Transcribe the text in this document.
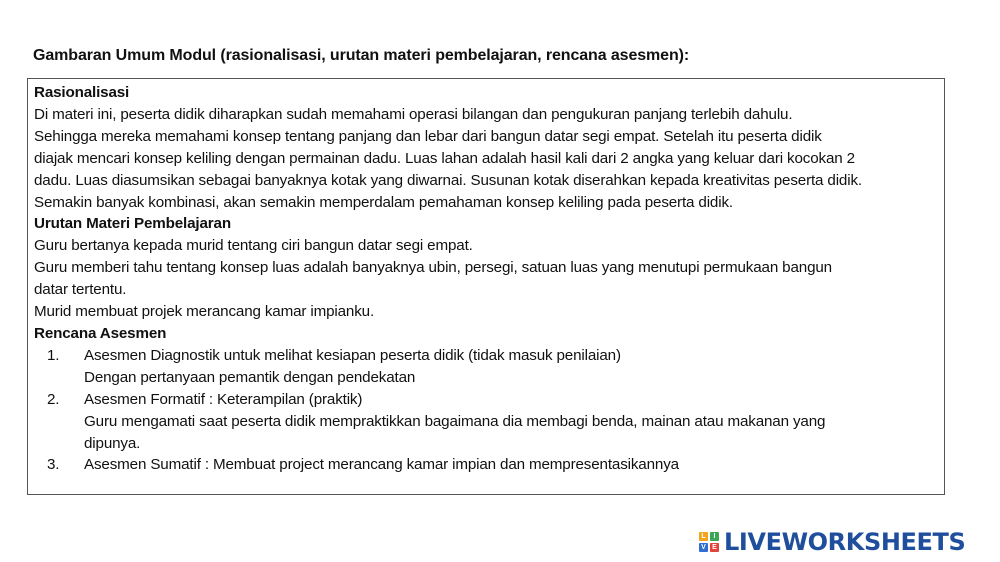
Gambaran Umum Modul (rasionalisasi, urutan materi pembelajaran, rencana asesmen):
Rasionalisasi
Di materi ini, peserta didik diharapkan sudah memahami operasi bilangan dan pengukuran panjang terlebih dahulu.
Sehingga mereka memahami konsep tentang panjang dan lebar dari bangun datar segi empat. Setelah itu peserta didik
diajak mencari konsep keliling dengan permainan dadu. Luas lahan adalah hasil kali dari 2 angka yang keluar dari kocokan 2
dadu. Luas diasumsikan sebagai banyaknya kotak yang diwarnai. Susunan kotak diserahkan kepada kreativitas peserta didik.
Semakin banyak kombinasi, akan semakin memperdalam pemahaman konsep keliling pada peserta didik.
Urutan Materi Pembelajaran
Guru bertanya kepada murid tentang ciri bangun datar segi empat.
Guru memberi tahu tentang konsep luas adalah banyaknya ubin, persegi, satuan luas yang menutupi permukaan bangun
datar tertentu.
Murid membuat projek merancang kamar impianku.
Rencana Asesmen
1.	Asesmen Diagnostik untuk melihat kesiapan peserta didik (tidak masuk penilaian)
Dengan pertanyaan pemantik dengan pendekatan
2.	Asesmen Formatif : Keterampilan (praktik)
Guru mengamati saat peserta didik mempraktikkan bagaimana dia membagi benda, mainan atau makanan yang
dipunya.
3.	Asesmen Sumatif : Membuat project merancang kamar impian dan mempresentasikannya
L	I
V E LIVEWORKSHEETS
